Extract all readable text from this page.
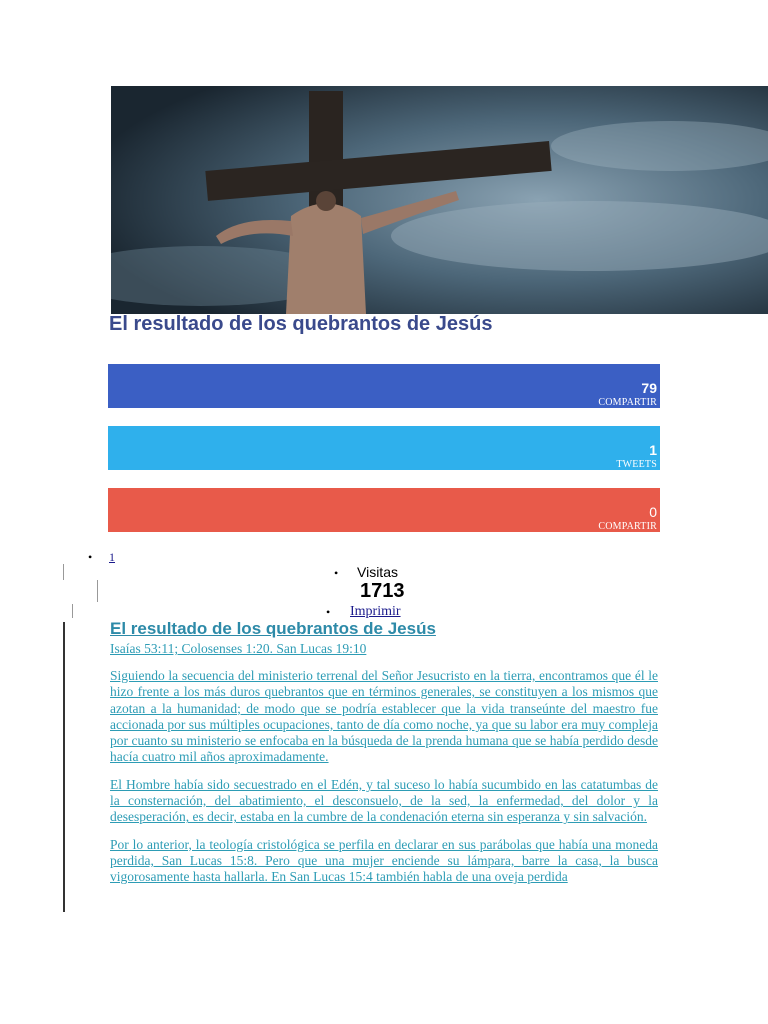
El resultado de los quebrantos de Jesús
•
79
COMPARTIR
•
1
TWEETS
•
0
COMPARTIR
• 1
• Visitas
1713
• Imprimir
El resultado de los quebrantos de Jesús

Isaías 53:11; Colosenses 1:20. San Lucas 19:10

Siguiendo la secuencia del ministerio terrenal del Señor Jesucristo en la tierra, encontramos que él le hizo frente a los más duros quebrantos que en términos generales, se constituyen a los mismos que azotan a la humanidad; de modo que se podría establecer que la vida transeúnte del maestro fue accionada por sus múltiples ocupaciones, tanto de día como noche, ya que su labor era muy compleja por cuanto su ministerio se enfocaba en la búsqueda de la prenda humana que se había perdido desde hacía cuatro mil años aproximadamente.

El Hombre había sido secuestrado en el Edén, y tal suceso lo había sucumbido en las catatumbas de la consternación, del abatimiento, el desconsuelo, de la sed, la enfermedad, del dolor y la desesperación, es decir, estaba en la cumbre de la condenación eterna sin esperanza y sin salvación.

Por lo anterior, la teología cristológica se perfila en declarar en sus parábolas que había una moneda perdida, San Lucas 15:8. Pero que una mujer enciende su lámpara, barre la casa, la busca vigorosamente hasta hallarla. En San Lucas 15:4 también habla de una oveja perdida
